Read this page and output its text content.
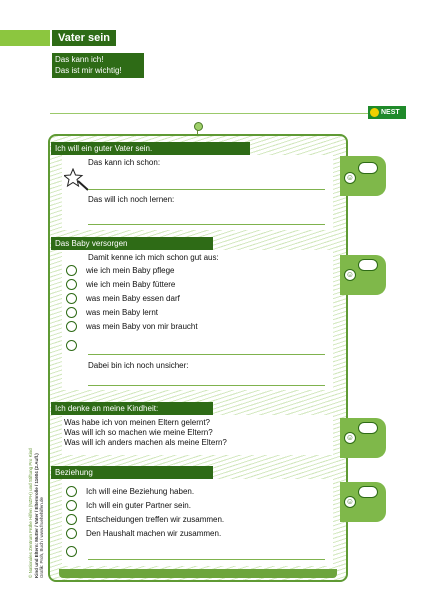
Vater sein
Das kann ich!
Das ist mir wichtig!
NEST
Ich will ein guter Vater sein.
Das kann ich schon:
Das will ich noch lernen:
Das Baby versorgen
Damit kenne ich mich schon gut aus:
wie ich mein Baby pflege
wie ich mein Baby füttere
was mein Baby essen darf
was mein Baby lernt
was mein Baby von mir braucht
Dabei bin ich noch unsicher:
Ich denke an meine Kindheit:
Was habe ich von meinen Eltern gelernt?
Was will ich so machen wie meine Eltern?
Was will ich anders machen als meine Eltern?
Beziehung
Ich will eine Beziehung haben.
Ich will ein guter Partner sein.
Entscheidungen treffen wir zusammen.
Den Haushalt machen wir zusammen.
☺
☺
☺
☺
© Nationales Zentrum Frühe Hilfen (NZFH) und Stiftung Pro Kind Kind und Eltern: Mutter / Vater / Elternrolle / 11604 (2.Aufl.) Grafik: Proh, Buch / www.fruehehilfen.de
